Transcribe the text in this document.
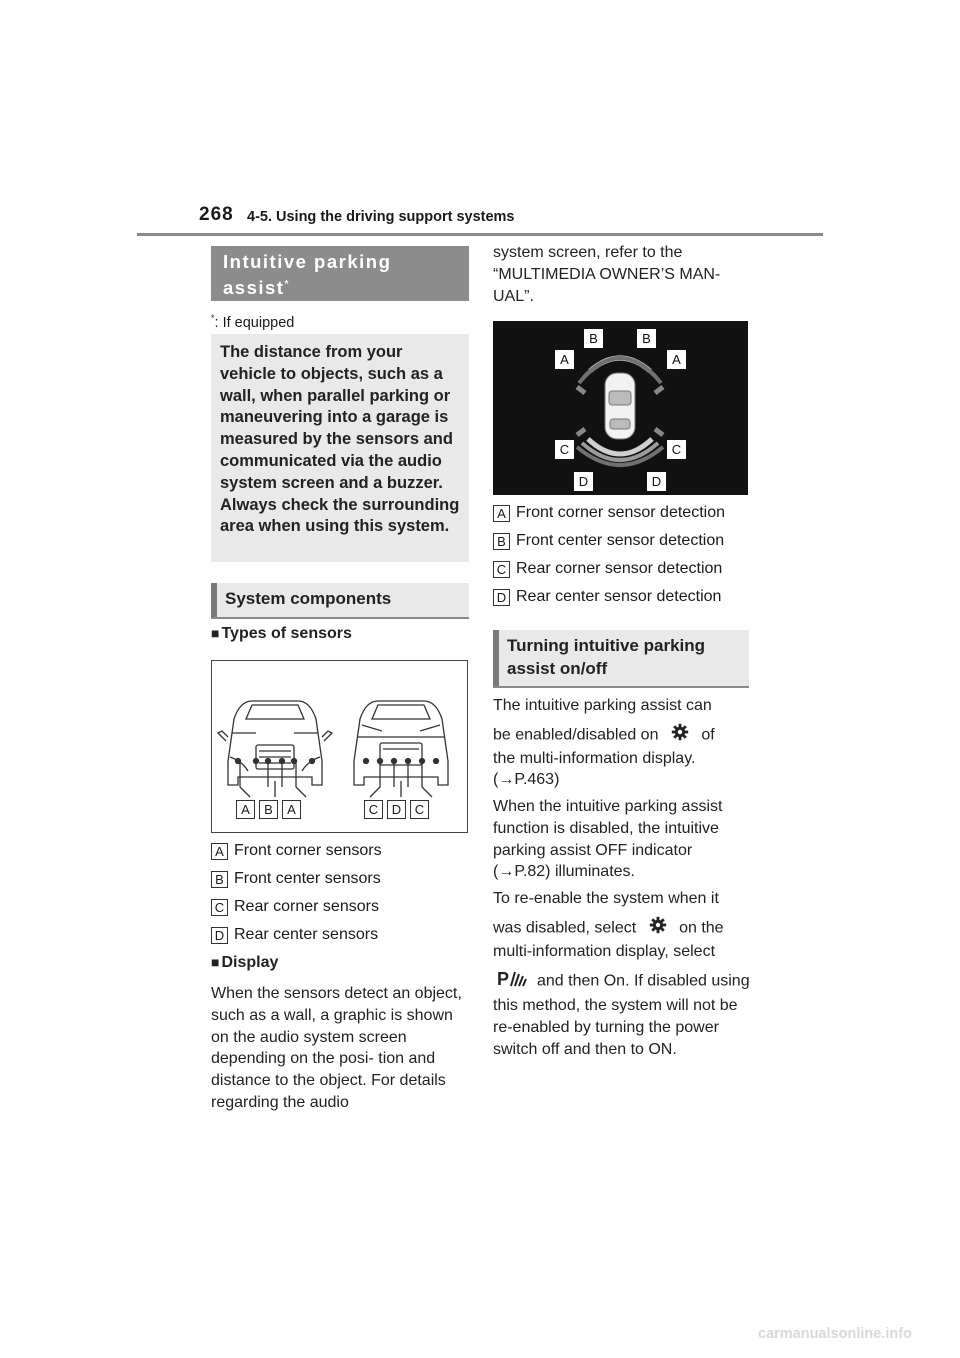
268 4-5. Using the driving support systems
Intuitive parking
assist*
*: If equipped
The distance from your vehicle to objects, such as a wall, when parallel parking or maneuvering into a garage is measured by the sensors and communicated via the audio system screen and a buzzer. Always check the surrounding area when using this system.
System components
■ Types of sensors
A	B	A	C	D	C
A Front corner sensors
B Front center sensors
C Rear corner sensors
D Rear center sensors
■ Display
When the sensors detect an object, such as a wall, a graphic is shown on the audio system screen depending on the posi- tion and distance to the object. For details regarding the audio
system screen, refer to the “MULTIMEDIA OWNER’S MAN- UAL”.
B	B
A	A
C	C
D	D
A Front corner sensor detection
B Front center sensor detection
C Rear corner sensor detection
D Rear center sensor detection
Turning intuitive parking
assist on/off
The intuitive parking assist can
be enabled/disabled on	of
the multi-information display.
(→P.463)
When the intuitive parking assist function is disabled, the intuitive parking assist OFF indicator (→P.82) illuminates.
To re-enable the system when it
was disabled, select	on the
multi-information display, select
P and then On. If disabled using this method, the system will not be re-enabled by turning the power switch off and then to ON.
carmanualsonline.info
